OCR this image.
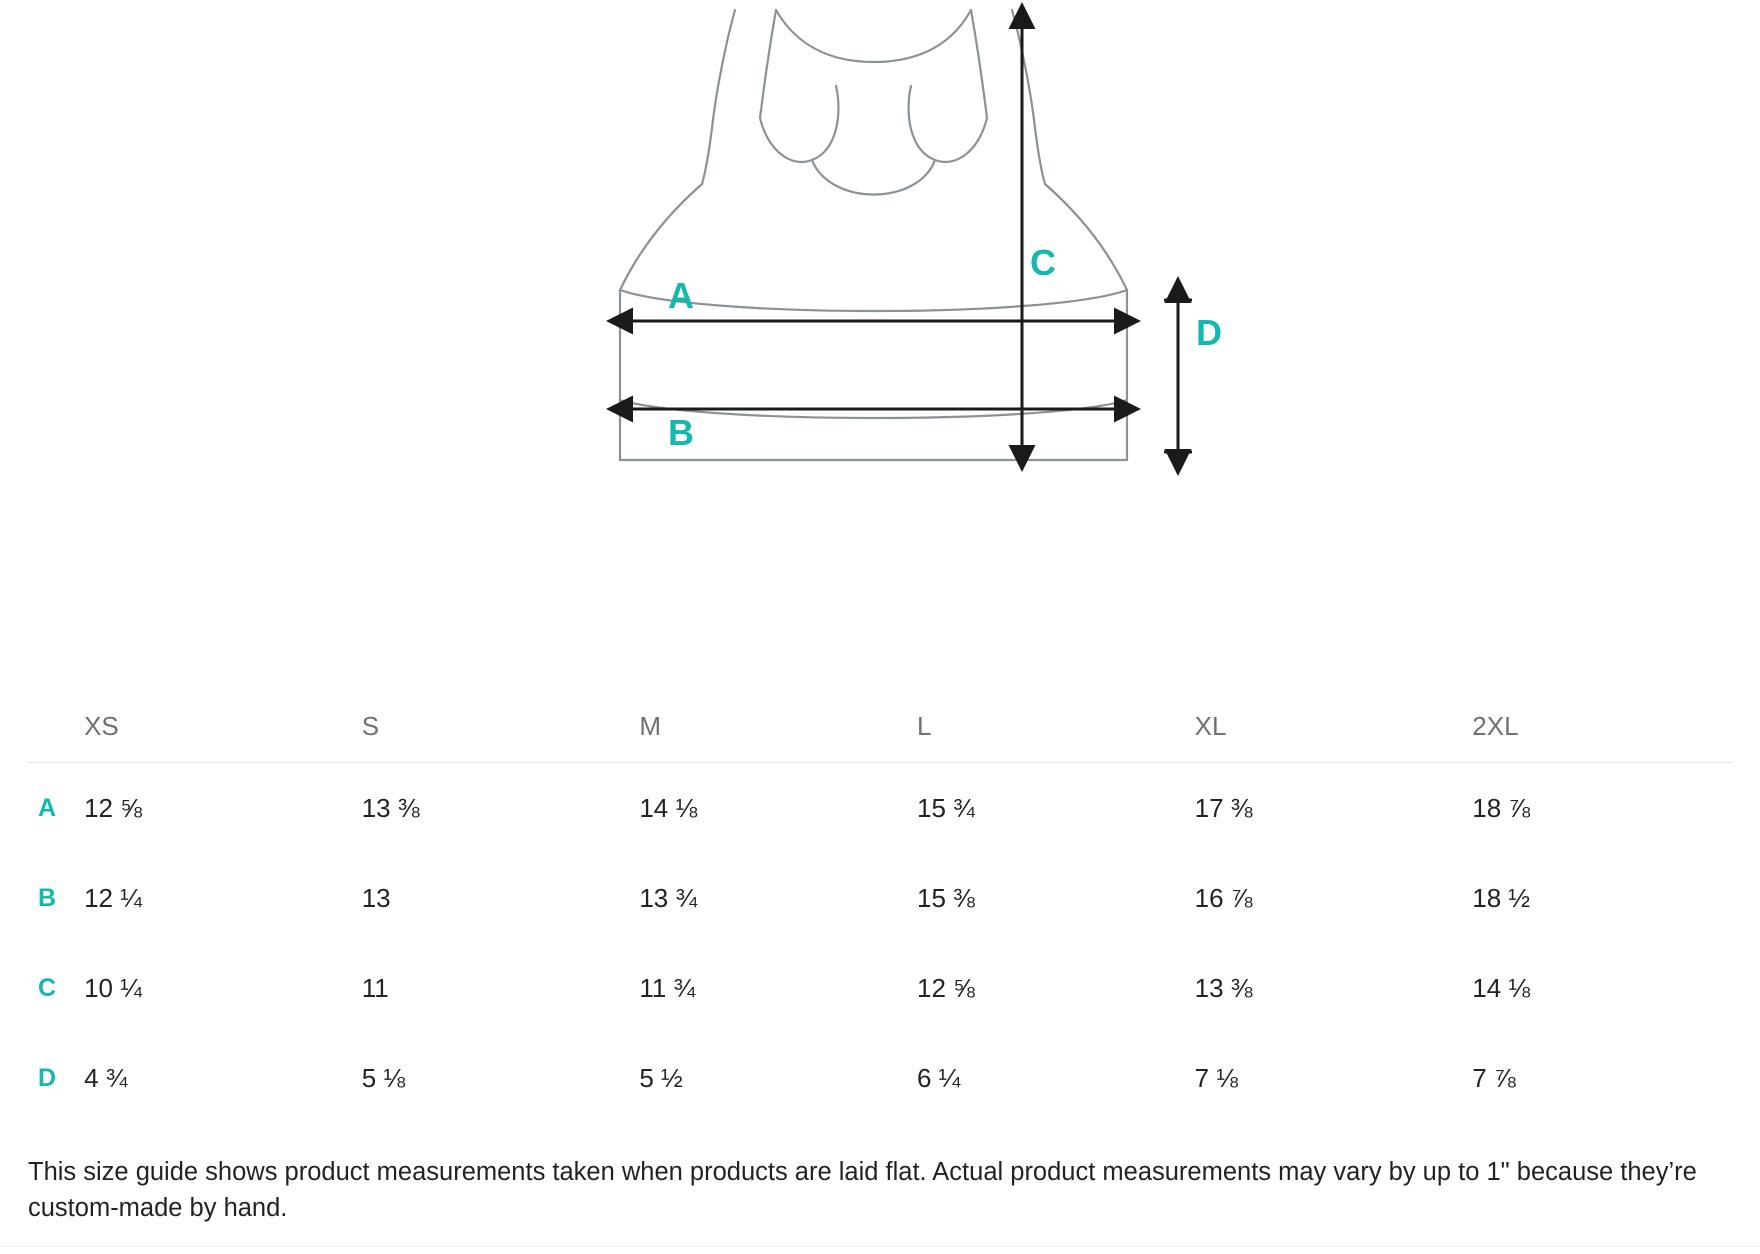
A
B
C
D
	XS	S	M	L	XL	2XL
A	12 ⅝	13 ⅜	14 ⅛	15 ¾	17 ⅜	18 ⅞
B	12 ¼	13	13 ¾	15 ⅜	16 ⅞	18 ½
C	10 ¼	11	11 ¾	12 ⅝	13 ⅜	14 ⅛
D	4 ¾	5 ⅛	5 ½	6 ¼	7 ⅛	7 ⅞

This size guide shows product measurements taken when products are laid flat. Actual product measurements may vary by up to 1" because they’re custom-made by hand.
